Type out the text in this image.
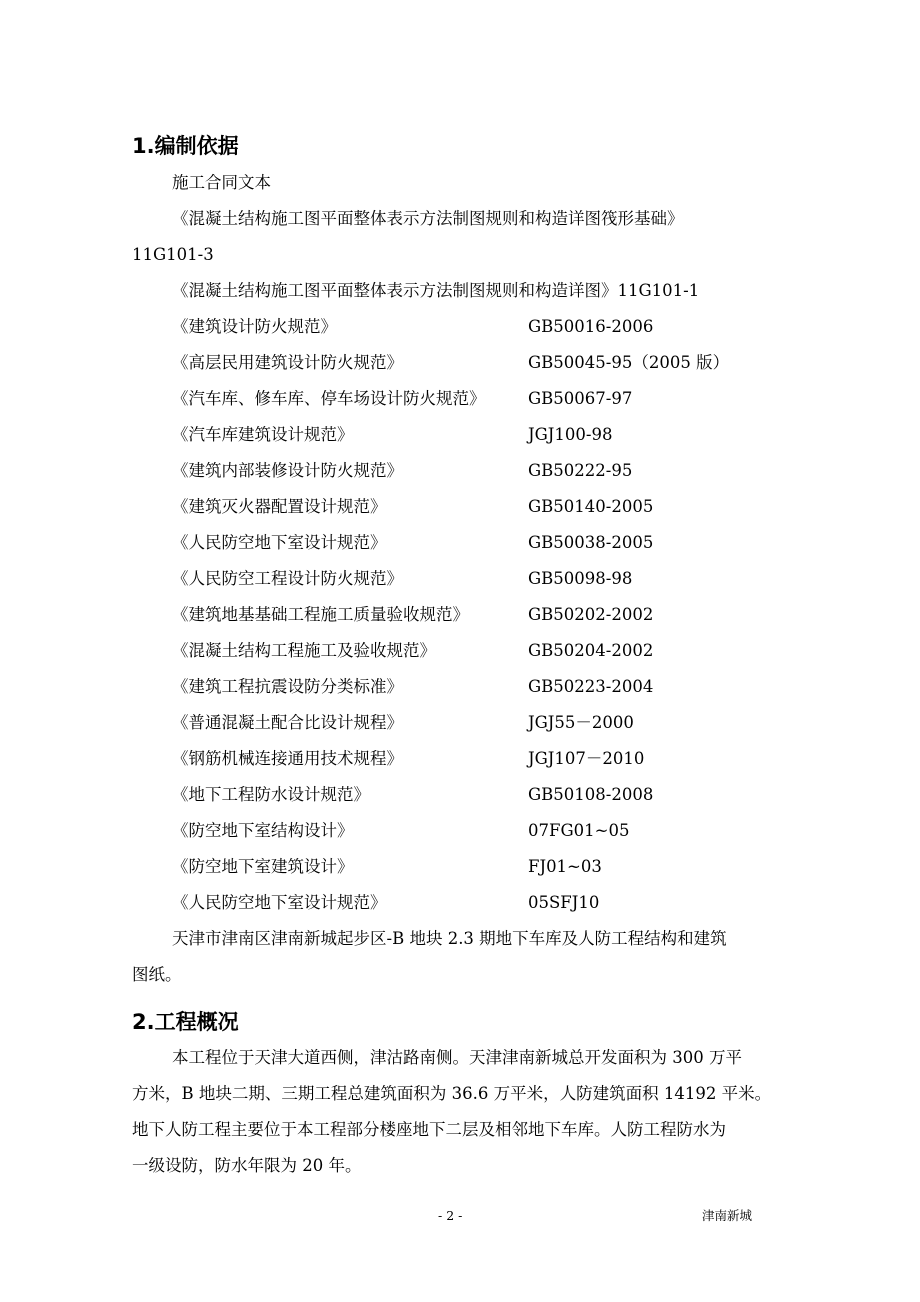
1.编制依据
施工合同文本
《混凝土结构施工图平面整体表示方法制图规则和构造详图筏形基础》
11G101-3
《混凝土结构施工图平面整体表示方法制图规则和构造详图》11G101-1
《建筑设计防火规范》	GB50016-2006
《高层民用建筑设计防火规范》	GB50045-95（2005 版）
《汽车库、修车库、停车场设计防火规范》	GB50067-97
《汽车库建筑设计规范》	JGJ100-98
《建筑内部装修设计防火规范》	GB50222-95
《建筑灭火器配置设计规范》	GB50140-2005
《人民防空地下室设计规范》	GB50038-2005
《人民防空工程设计防火规范》	GB50098-98
《建筑地基基础工程施工质量验收规范》	GB50202-2002
《混凝土结构工程施工及验收规范》	GB50204-2002
《建筑工程抗震设防分类标准》	GB50223-2004
《普通混凝土配合比设计规程》	JGJ55－2000
《钢筋机械连接通用技术规程》	JGJ107－2010
《地下工程防水设计规范》	GB50108-2008
《防空地下室结构设计》	07FG01~05
《防空地下室建筑设计》	FJ01~03
《人民防空地下室设计规范》	05SFJ10
天津市津南区津南新城起步区-B 地块 2.3 期地下车库及人防工程结构和建筑
图纸。
2.工程概况
本工程位于天津大道西侧，津沽路南侧。天津津南新城总开发面积为 300 万平
方米，B 地块二期、三期工程总建筑面积为 36.6 万平米，人防建筑面积 14192 平米。
地下人防工程主要位于本工程部分楼座地下二层及相邻地下车库。人防工程防水为
一级设防，防水年限为 20 年。
- 2 -	津南新城
